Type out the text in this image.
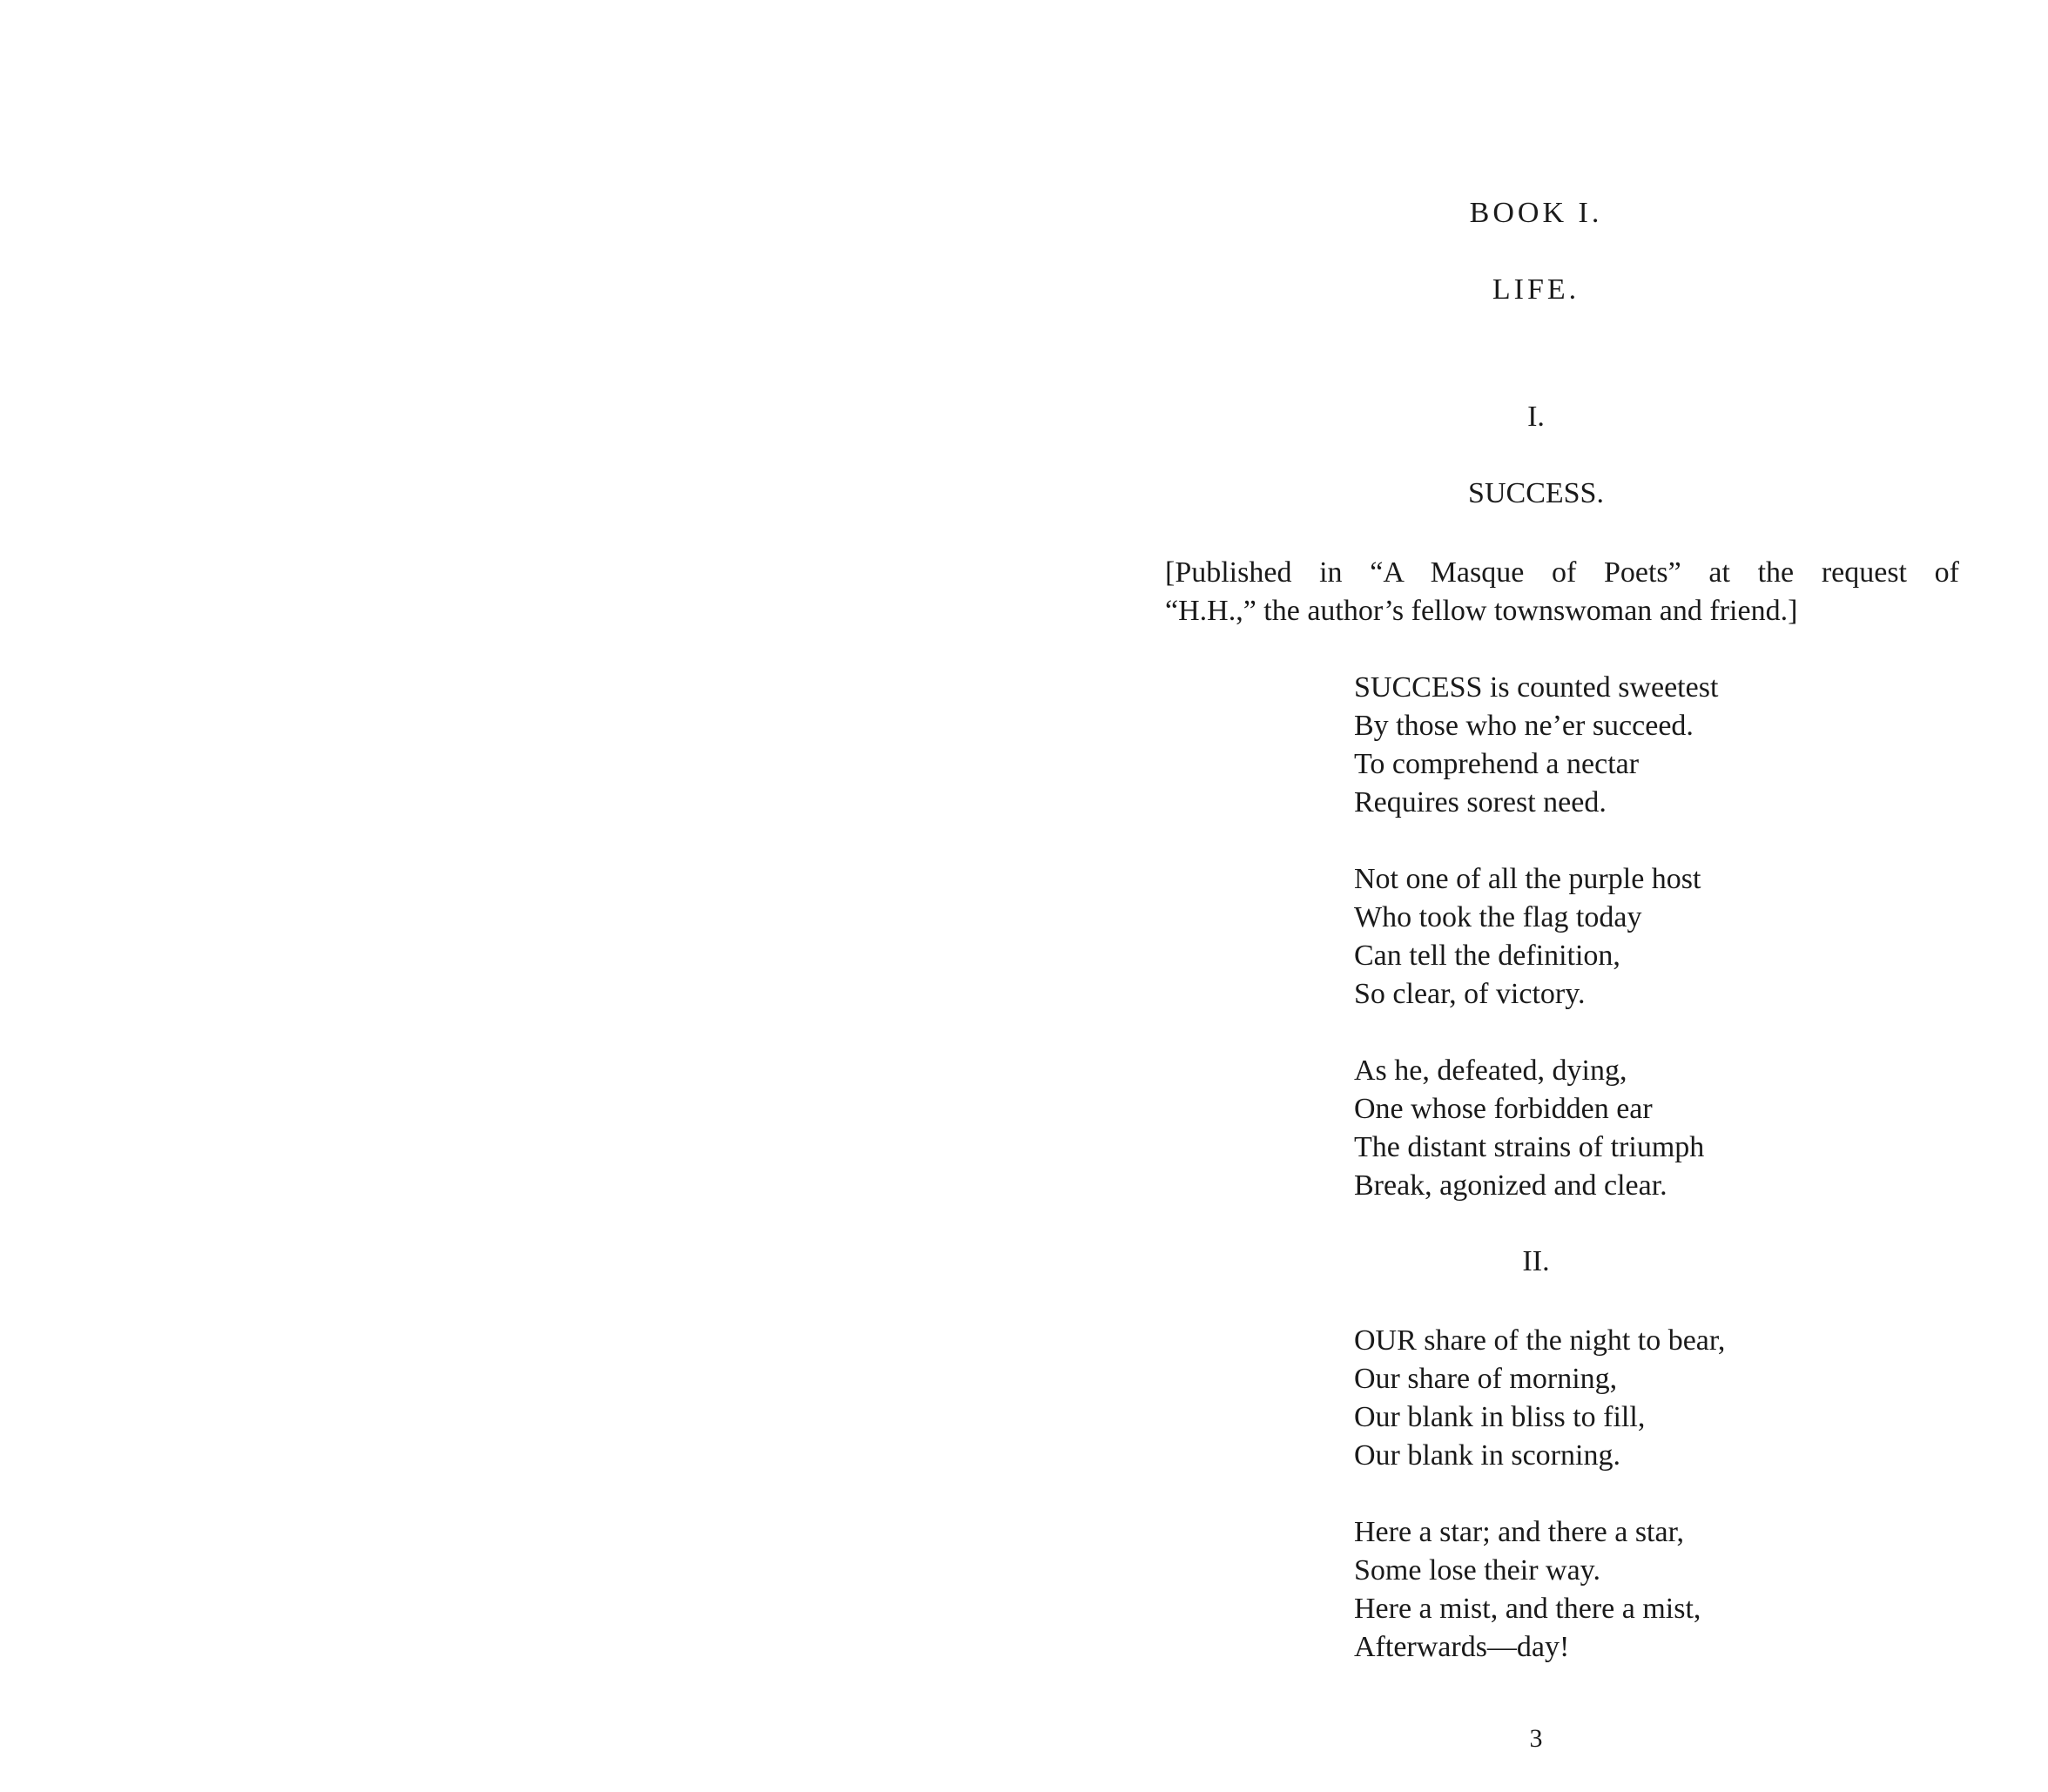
BOOK I.
LIFE.
I.
SUCCESS.
[Published in “A Masque of Poets” at the request of
“H.H.,” the author’s fellow townswoman and friend.]
SUCCESS is counted sweetest
By those who ne’er succeed.
To comprehend a nectar
Requires sorest need.
Not one of all the purple host
Who took the flag today
Can tell the definition,
So clear, of victory.
As he, defeated, dying,
One whose forbidden ear
The distant strains of triumph
Break, agonized and clear.
II.
OUR share of the night to bear,
Our share of morning,
Our blank in bliss to fill,
Our blank in scorning.
Here a star; and there a star,
Some lose their way.
Here a mist, and there a mist,
Afterwards—day!
3
